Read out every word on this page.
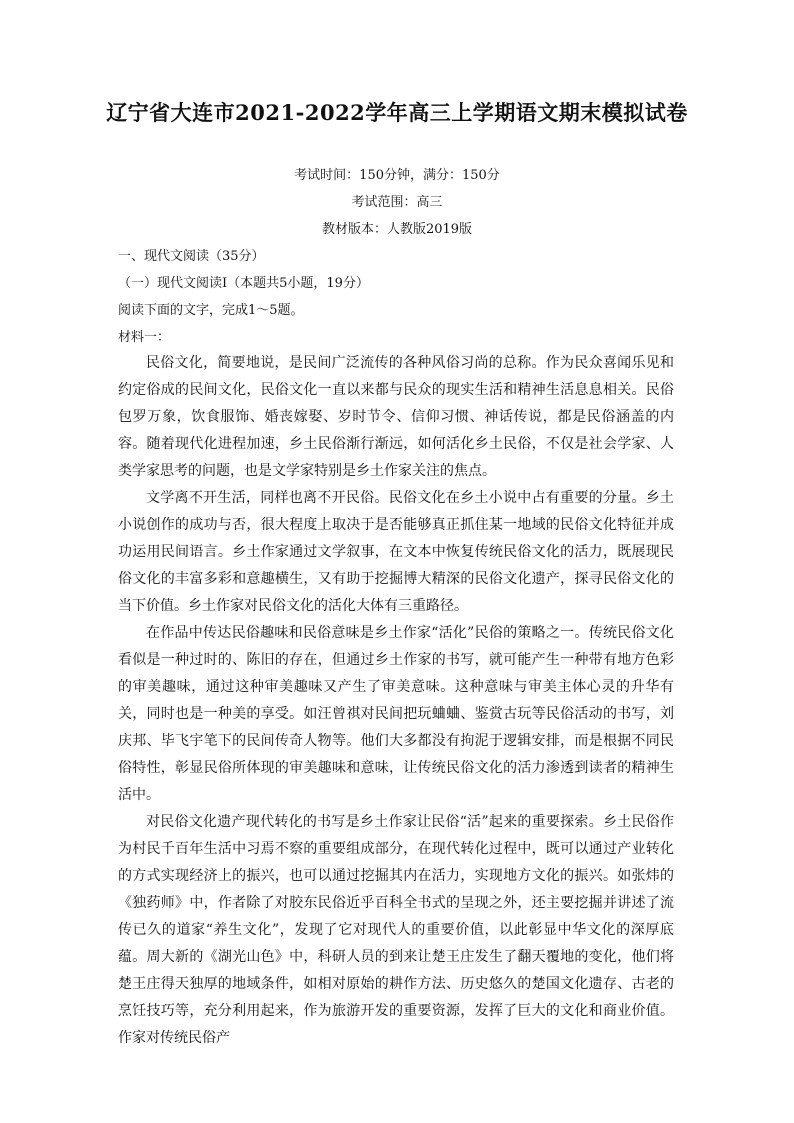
辽宁省大连市2021-2022学年高三上学期语文期末模拟试卷
考试时间：150分钟，满分：150分
考试范围：高三
教材版本：人教版2019版
一、现代文阅读（35分）
（一）现代文阅读Ⅰ（本题共5小题，19分）
阅读下面的文字，完成1～5题。
材料一：

民俗文化，简要地说，是民间广泛流传的各种风俗习尚的总称。作为民众喜闻乐见和约定俗成的民间文化，民俗文化一直以来都与民众的现实生活和精神生活息息相关。民俗包罗万象，饮食服饰、婚丧嫁娶、岁时节令、信仰习惯、神话传说，都是民俗涵盖的内容。随着现代化进程加速，乡土民俗渐行渐远，如何活化乡土民俗，不仅是社会学家、人类学家思考的问题，也是文学家特别是乡土作家关注的焦点。

文学离不开生活，同样也离不开民俗。民俗文化在乡土小说中占有重要的分量。乡土小说创作的成功与否，很大程度上取决于是否能够真正抓住某一地域的民俗文化特征并成功运用民间语言。乡土作家通过文学叙事，在文本中恢复传统民俗文化的活力，既展现民俗文化的丰富多彩和意趣横生，又有助于挖掘博大精深的民俗文化遗产，探寻民俗文化的当下价值。乡土作家对民俗文化的活化大体有三重路径。

在作品中传达民俗趣味和民俗意味是乡土作家“活化”民俗的策略之一。传统民俗文化看似是一种过时的、陈旧的存在，但通过乡土作家的书写，就可能产生一种带有地方色彩的审美趣味，通过这种审美趣味又产生了审美意味。这种意味与审美主体心灵的升华有关，同时也是一种美的享受。如汪曾祺对民间把玩蛐蛐、鉴赏古玩等民俗活动的书写，刘庆邦、毕飞宇笔下的民间传奇人物等。他们大多都没有拘泥于逻辑安排，而是根据不同民俗特性，彰显民俗所体现的审美趣味和意味，让传统民俗文化的活力渗透到读者的精神生活中。

对民俗文化遗产现代转化的书写是乡土作家让民俗“活”起来的重要探索。乡土民俗作为村民千百年生活中习焉不察的重要组成部分，在现代转化过程中，既可以通过产业转化的方式实现经济上的振兴，也可以通过挖掘其内在活力，实现地方文化的振兴。如张炜的《独药师》中，作者除了对胶东民俗近乎百科全书式的呈现之外，还主要挖掘并讲述了流传已久的道家“养生文化”，发现了它对现代人的重要价值，以此彰显中华文化的深厚底蕴。周大新的《湖光山色》中，科研人员的到来让楚王庄发生了翻天覆地的变化，他们将楚王庄得天独厚的地域条件，如相对原始的耕作方法、历史悠久的楚国文化遗存、古老的烹饪技巧等，充分利用起来，作为旅游开发的重要资源，发挥了巨大的文化和商业价值。作家对传统民俗产
